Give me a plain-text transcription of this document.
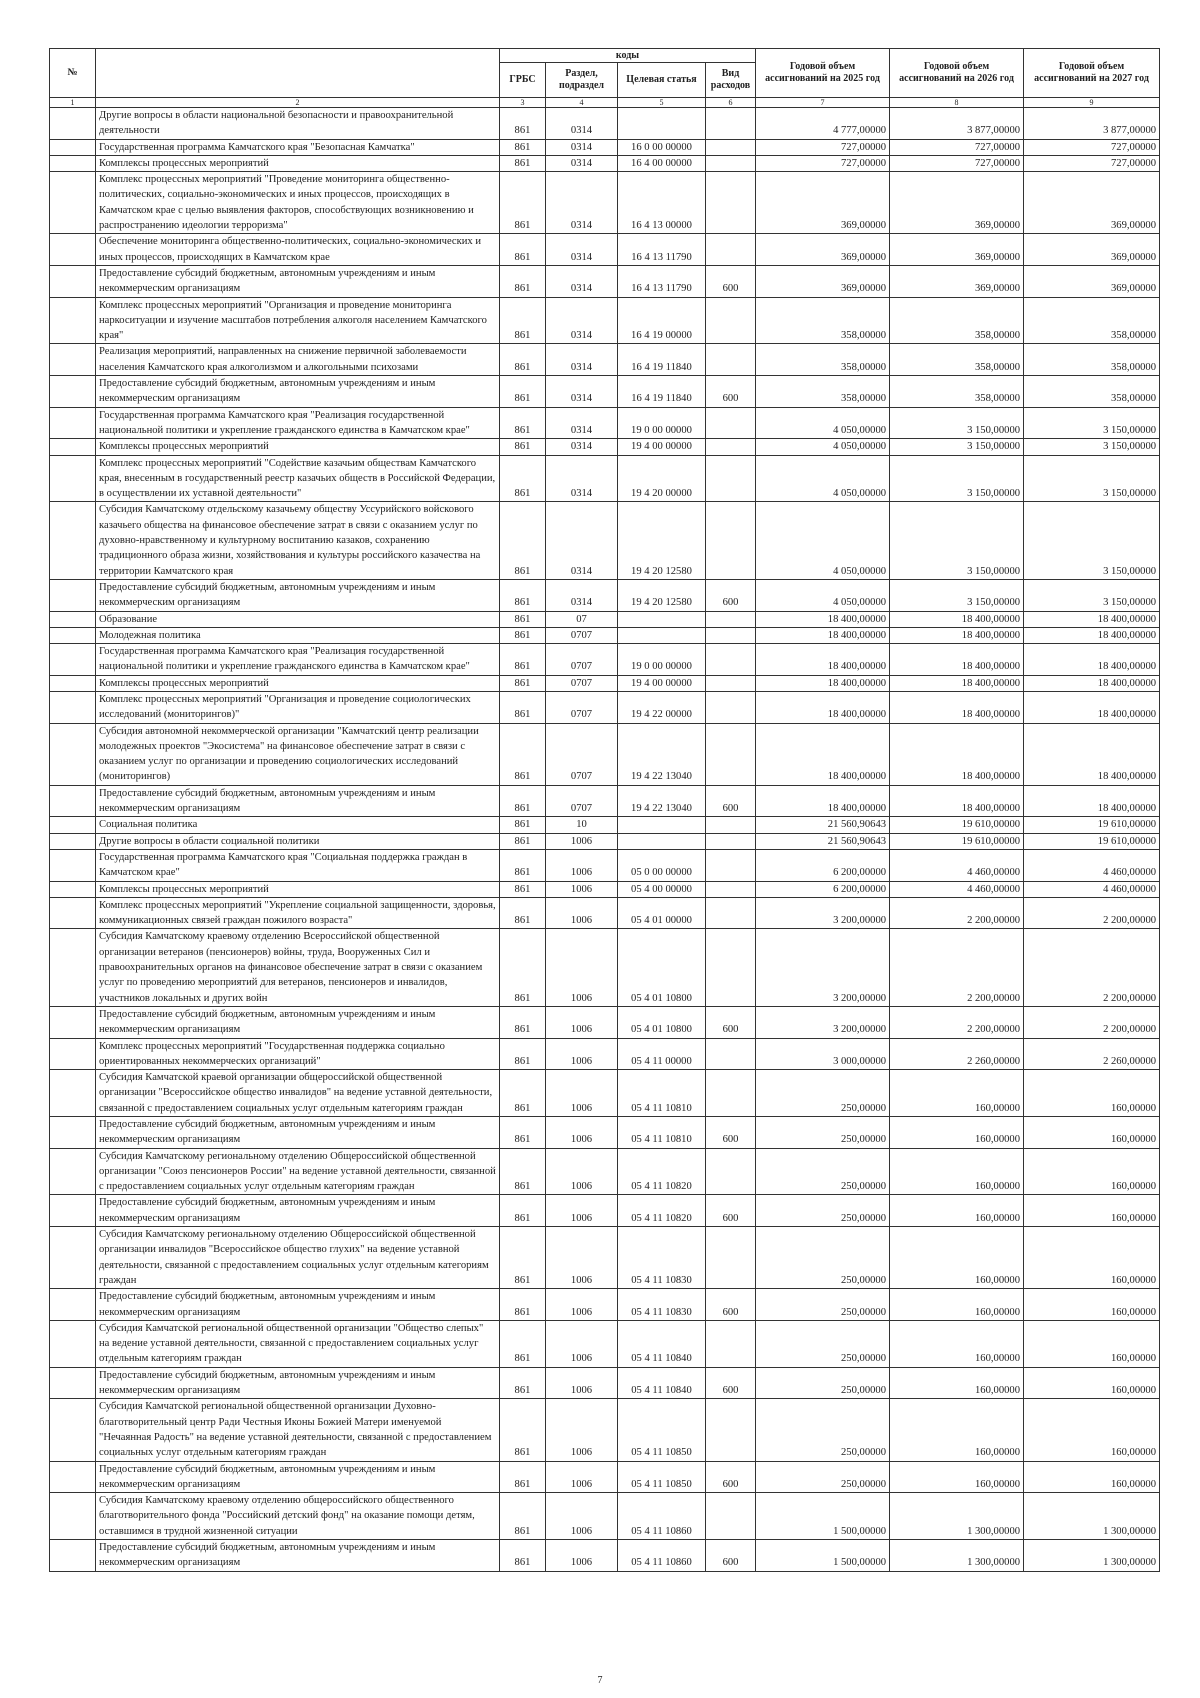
№		коды				Годовой объем ассигнований на 2025 год	Годовой объем ассигнований на 2026 год	Годовой объем ассигнований на 2027 год
		ГРБС	Раздел, подраздел	Целевая статья	Вид расходов			
1	2	3	4	5	6	7	8	9
	Другие вопросы в области национальной безопасности и правоохранительной деятельности	861	0314			4 777,00000	3 877,00000	3 877,00000
	Государственная программа Камчатского края "Безопасная Камчатка"	861	0314	16 0 00 00000		727,00000	727,00000	727,00000
	Комплексы процессных мероприятий	861	0314	16 4 00 00000		727,00000	727,00000	727,00000
	Комплекс процессных мероприятий "Проведение мониторинга общественно-политических, социально-экономических и иных процессов, происходящих в Камчатском крае с целью выявления факторов, способствующих возникновению и распространению идеологии терроризма"	861	0314	16 4 13 00000		369,00000	369,00000	369,00000
	Обеспечение мониторинга общественно-политических, социально-экономических и иных процессов, происходящих в Камчатском крае	861	0314	16 4 13 11790		369,00000	369,00000	369,00000
	Предоставление субсидий бюджетным, автономным учреждениям и иным некоммерческим организациям	861	0314	16 4 13 11790	600	369,00000	369,00000	369,00000
	Комплекс процессных мероприятий "Организация и проведение мониторинга наркоситуации и изучение масштабов потребления алкоголя населением Камчатского края"	861	0314	16 4 19 00000		358,00000	358,00000	358,00000
	Реализация мероприятий, направленных на снижение первичной заболеваемости населения Камчатского края алкоголизмом и алкогольными психозами	861	0314	16 4 19 11840		358,00000	358,00000	358,00000
	Предоставление субсидий бюджетным, автономным учреждениям и иным некоммерческим организациям	861	0314	16 4 19 11840	600	358,00000	358,00000	358,00000
	Государственная программа Камчатского края "Реализация государственной национальной политики и укрепление гражданского единства в Камчатском крае"	861	0314	19 0 00 00000		4 050,00000	3 150,00000	3 150,00000
	Комплексы процессных мероприятий	861	0314	19 4 00 00000		4 050,00000	3 150,00000	3 150,00000
	Комплекс процессных мероприятий "Содействие казачьим обществам Камчатского края, внесенным в государственный реестр казачьих обществ в Российской Федерации, в осуществлении их уставной деятельности"	861	0314	19 4 20 00000		4 050,00000	3 150,00000	3 150,00000
	Субсидия Камчатскому отдельскому казачьему обществу Уссурийского войскового казачьего общества на финансовое обеспечение затрат в связи с оказанием услуг по духовно-нравственному и культурному воспитанию казаков, сохранению традиционного образа жизни, хозяйствования и культуры российского казачества на территории Камчатского края	861	0314	19 4 20 12580		4 050,00000	3 150,00000	3 150,00000
	Предоставление субсидий бюджетным, автономным учреждениям и иным некоммерческим организациям	861	0314	19 4 20 12580	600	4 050,00000	3 150,00000	3 150,00000
	Образование	861	07			18 400,00000	18 400,00000	18 400,00000
	Молодежная политика	861	0707			18 400,00000	18 400,00000	18 400,00000
	Государственная программа Камчатского края "Реализация государственной национальной политики и укрепление гражданского единства в Камчатском крае"	861	0707	19 0 00 00000		18 400,00000	18 400,00000	18 400,00000
	Комплексы процессных мероприятий	861	0707	19 4 00 00000		18 400,00000	18 400,00000	18 400,00000
	Комплекс процессных мероприятий "Организация и проведение социологических исследований (мониторингов)"	861	0707	19 4 22 00000		18 400,00000	18 400,00000	18 400,00000
	Субсидия автономной некоммерческой организации "Камчатский центр реализации молодежных проектов "Экосистема" на финансовое обеспечение затрат в связи с оказанием услуг по организации и проведению социологических исследований (мониторингов)	861	0707	19 4 22 13040		18 400,00000	18 400,00000	18 400,00000
	Предоставление субсидий бюджетным, автономным учреждениям и иным некоммерческим организациям	861	0707	19 4 22 13040	600	18 400,00000	18 400,00000	18 400,00000
	Социальная политика	861	10			21 560,90643	19 610,00000	19 610,00000
	Другие вопросы в области социальной политики	861	1006			21 560,90643	19 610,00000	19 610,00000
	Государственная программа Камчатского края "Социальная поддержка граждан в Камчатском крае"	861	1006	05 0 00 00000		6 200,00000	4 460,00000	4 460,00000
	Комплексы процессных мероприятий	861	1006	05 4 00 00000		6 200,00000	4 460,00000	4 460,00000
	Комплекс процессных мероприятий "Укрепление социальной защищенности, здоровья, коммуникационных связей граждан пожилого возраста"	861	1006	05 4 01 00000		3 200,00000	2 200,00000	2 200,00000
	Субсидия Камчатскому краевому отделению Всероссийской общественной организации ветеранов (пенсионеров) войны, труда, Вооруженных Сил и правоохранительных органов на финансовое обеспечение затрат в связи с оказанием услуг по проведению мероприятий для ветеранов, пенсионеров и инвалидов, участников локальных и других войн	861	1006	05 4 01 10800		3 200,00000	2 200,00000	2 200,00000
	Предоставление субсидий бюджетным, автономным учреждениям и иным некоммерческим организациям	861	1006	05 4 01 10800	600	3 200,00000	2 200,00000	2 200,00000
	Комплекс процессных мероприятий "Государственная поддержка социально ориентированных некоммерческих организаций"	861	1006	05 4 11 00000		3 000,00000	2 260,00000	2 260,00000
	Субсидия Камчатской краевой организации общероссийской общественной организации "Всероссийское общество инвалидов" на ведение уставной деятельности, связанной с предоставлением социальных услуг отдельным категориям граждан	861	1006	05 4 11 10810		250,00000	160,00000	160,00000
	Предоставление субсидий бюджетным, автономным учреждениям и иным некоммерческим организациям	861	1006	05 4 11 10810	600	250,00000	160,00000	160,00000
	Субсидия Камчатскому региональному отделению Общероссийской общественной организации "Союз пенсионеров России" на ведение уставной деятельности, связанной с предоставлением социальных услуг отдельным категориям граждан	861	1006	05 4 11 10820		250,00000	160,00000	160,00000
	Предоставление субсидий бюджетным, автономным учреждениям и иным некоммерческим организациям	861	1006	05 4 11 10820	600	250,00000	160,00000	160,00000
	Субсидия Камчатскому региональному отделению Общероссийской общественной организации инвалидов "Всероссийское общество глухих" на ведение уставной деятельности, связанной с предоставлением социальных услуг отдельным категориям граждан	861	1006	05 4 11 10830		250,00000	160,00000	160,00000
	Предоставление субсидий бюджетным, автономным учреждениям и иным некоммерческим организациям	861	1006	05 4 11 10830	600	250,00000	160,00000	160,00000
	Субсидия Камчатской региональной общественной организации "Общество слепых" на ведение уставной деятельности, связанной с предоставлением социальных услуг отдельным категориям граждан	861	1006	05 4 11 10840		250,00000	160,00000	160,00000
	Предоставление субсидий бюджетным, автономным учреждениям и иным некоммерческим организациям	861	1006	05 4 11 10840	600	250,00000	160,00000	160,00000
	Субсидия Камчатской региональной общественной организации Духовно-благотворительный центр Ради Честныя Иконы Божией Матери именуемой "Нечаянная Радость" на ведение уставной деятельности, связанной с предоставлением социальных услуг отдельным категориям граждан	861	1006	05 4 11 10850		250,00000	160,00000	160,00000
	Предоставление субсидий бюджетным, автономным учреждениям и иным некоммерческим организациям	861	1006	05 4 11 10850	600	250,00000	160,00000	160,00000
	Субсидия Камчатскому краевому отделению общероссийского общественного благотворительного фонда "Российский детский фонд" на оказание помощи детям, оставшимся в трудной жизненной ситуации	861	1006	05 4 11 10860		1 500,00000	1 300,00000	1 300,00000
	Предоставление субсидий бюджетным, автономным учреждениям и иным некоммерческим организациям	861	1006	05 4 11 10860	600	1 500,00000	1 300,00000	1 300,00000
7
